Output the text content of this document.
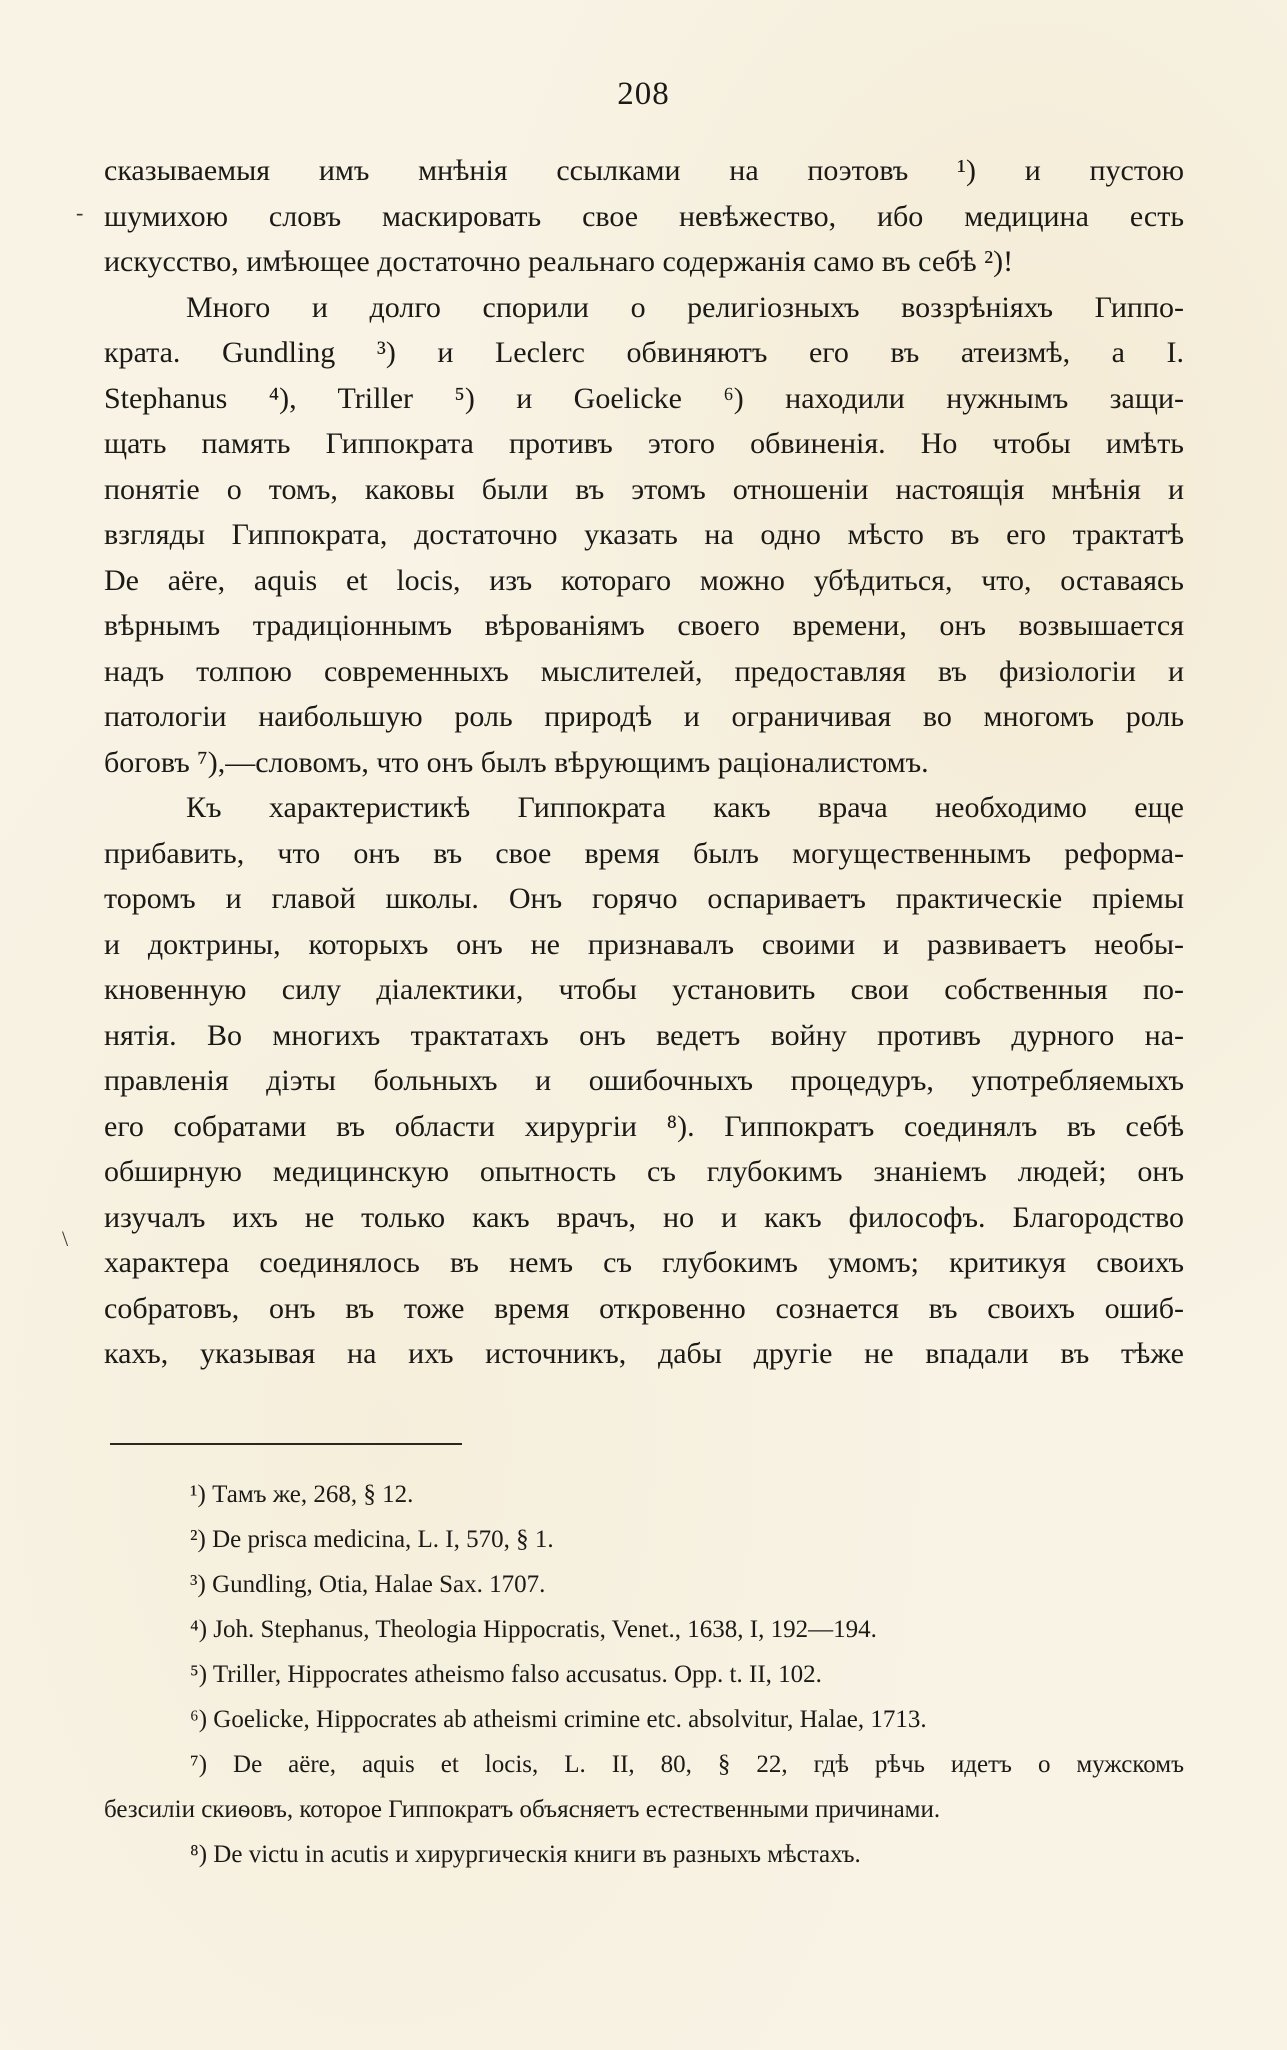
208
-
\
сказываемыя имъ мнѣнія ссылками на поэтовъ ¹) и пустою
шумихою словъ маскировать свое невѣжество, ибо медицина есть
искусство, имѣющее достаточно реальнаго содержанія само въ себѣ ²)!
Много и долго спорили о религіозныхъ воззрѣніяхъ Гиппо-
крата. Gundling ³) и Leclerc обвиняютъ его въ атеизмѣ, а I.
Stephanus ⁴), Triller ⁵) и Goelicke ⁶) находили нужнымъ защи-
щать память Гиппократа противъ этого обвиненія. Но чтобы имѣть
понятіе о томъ, каковы были въ этомъ отношеніи настоящія мнѣнія и
взгляды Гиппократа, достаточно указать на одно мѣсто въ его трактатѣ
De aëre, aquis et locis, изъ котораго можно убѣдиться, что, оставаясь
вѣрнымъ традиціоннымъ вѣрованіямъ своего времени, онъ возвышается
надъ толпою современныхъ мыслителей, предоставляя въ физіологіи и
патологіи наибольшую роль природѣ и ограничивая во многомъ роль
боговъ ⁷),—словомъ, что онъ былъ вѣрующимъ раціоналистомъ.
Къ характеристикѣ Гиппократа какъ врача необходимо еще
прибавить, что онъ въ свое время былъ могущественнымъ реформа-
торомъ и главой школы. Онъ горячо оспариваетъ практическіе пріемы
и доктрины, которыхъ онъ не признавалъ своими и развиваетъ необы-
кновенную силу діалектики, чтобы установить свои собственныя по-
нятія. Во многихъ трактатахъ онъ ведетъ войну противъ дурного на-
правленія діэты больныхъ и ошибочныхъ процедуръ, употребляемыхъ
его собратами въ области хирургіи ⁸). Гиппократъ соединялъ въ себѣ
обширную медицинскую опытность съ глубокимъ знаніемъ людей; онъ
изучалъ ихъ не только какъ врачъ, но и какъ философъ. Благородство
характера соединялось въ немъ съ глубокимъ умомъ; критикуя своихъ
собратовъ, онъ въ тоже время откровенно сознается въ своихъ ошиб-
кахъ, указывая на ихъ источникъ, дабы другіе не впадали въ тѣже
¹) Тамъ же, 268, § 12.
²) De prisca medicina, L. I, 570, § 1.
³) Gundling, Otia, Halae Sax. 1707.
⁴) Joh. Stephanus, Theologia Hippocratis, Venet., 1638, I, 192—194.
⁵) Triller, Hippocrates atheismo falso accusatus. Opp. t. II, 102.
⁶) Goelicke, Hippocrates ab atheismi crimine etc. absolvitur, Halae, 1713.
⁷) De aëre, aquis et locis, L. II, 80, § 22, гдѣ рѣчь идетъ о мужскомъ
безсиліи скиѳовъ, которое Гиппократъ объясняетъ естественными причинами.
⁸) De victu in acutis и хирургическія книги въ разныхъ мѣстахъ.
